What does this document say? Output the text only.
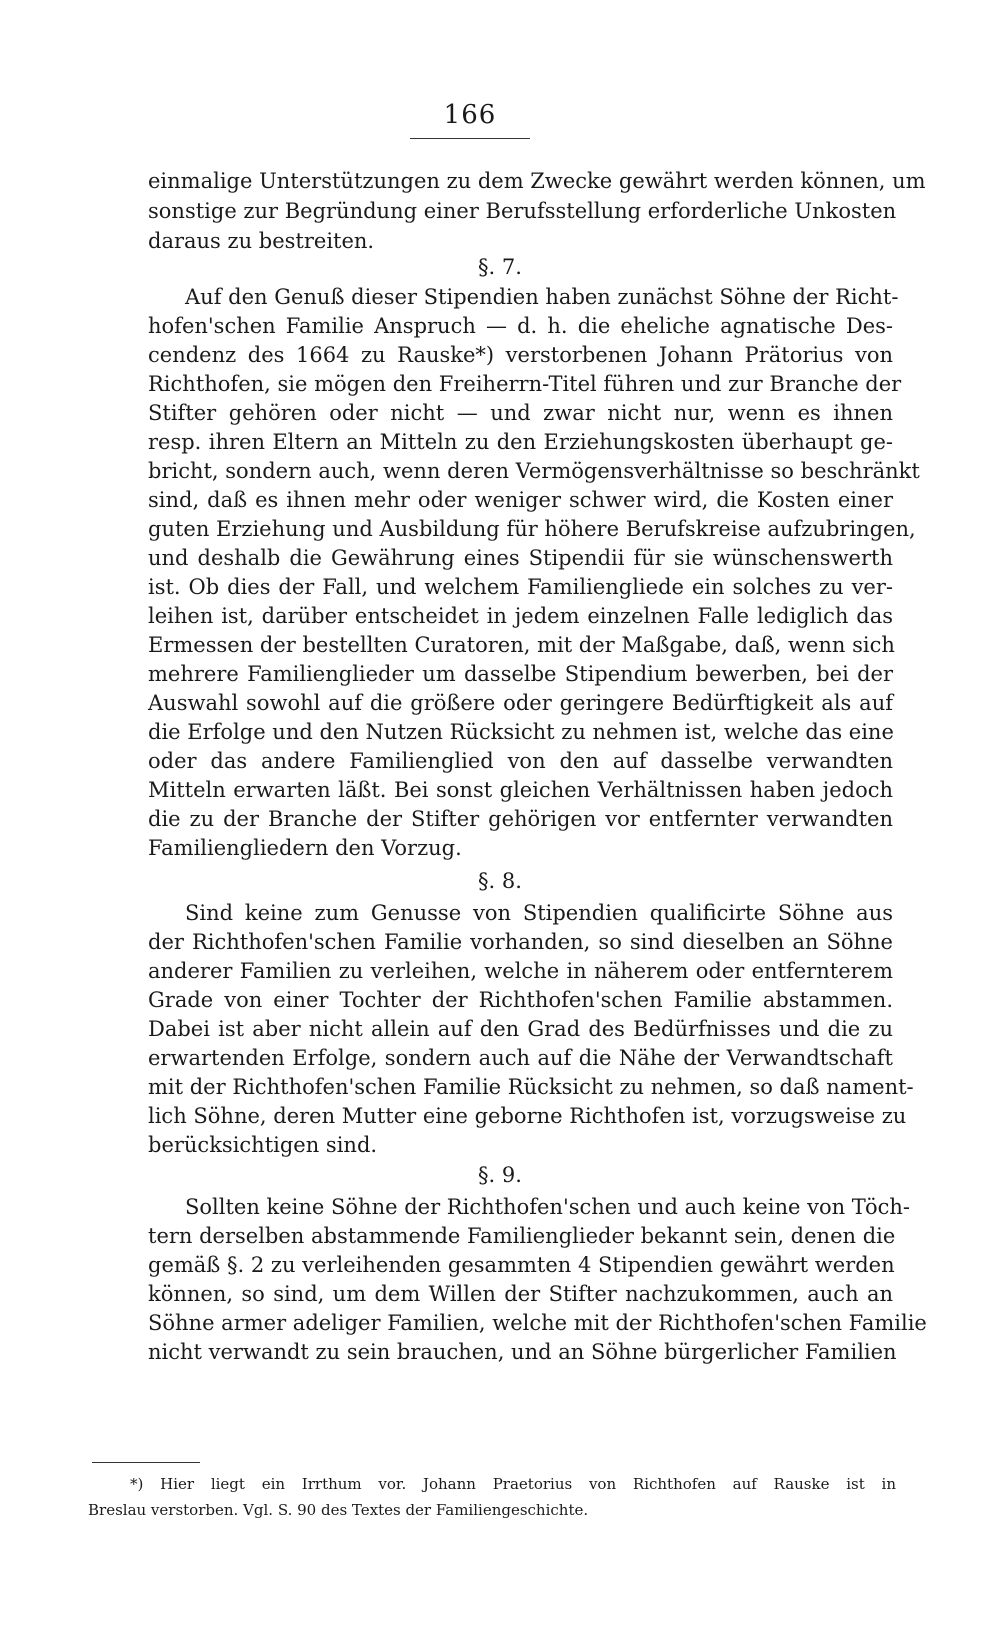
166
einmalige Unterstützungen zu dem Zwecke gewährt werden können, um
sonstige zur Begründung einer Berufsstellung erforderliche Unkosten
daraus zu bestreiten.
§. 7.
Auf den Genuß dieser Stipendien haben zunächst Söhne der Richt-
hofen'schen Familie Anspruch — d. h. die eheliche agnatische Des-
cendenz des 1664 zu Rauske*) verstorbenen Johann Prätorius von
Richthofen, sie mögen den Freiherrn-Titel führen und zur Branche der
Stifter gehören oder nicht — und zwar nicht nur, wenn es ihnen
resp. ihren Eltern an Mitteln zu den Erziehungskosten überhaupt ge-
bricht, sondern auch, wenn deren Vermögensverhältnisse so beschränkt
sind, daß es ihnen mehr oder weniger schwer wird, die Kosten einer
guten Erziehung und Ausbildung für höhere Berufskreise aufzubringen,
und deshalb die Gewährung eines Stipendii für sie wünschenswerth
ist. Ob dies der Fall, und welchem Familiengliede ein solches zu ver-
leihen ist, darüber entscheidet in jedem einzelnen Falle lediglich das
Ermessen der bestellten Curatoren, mit der Maßgabe, daß, wenn sich
mehrere Familienglieder um dasselbe Stipendium bewerben, bei der
Auswahl sowohl auf die größere oder geringere Bedürftigkeit als auf
die Erfolge und den Nutzen Rücksicht zu nehmen ist, welche das eine
oder das andere Familienglied von den auf dasselbe verwandten
Mitteln erwarten läßt. Bei sonst gleichen Verhältnissen haben jedoch
die zu der Branche der Stifter gehörigen vor entfernter verwandten
Familiengliedern den Vorzug.
§. 8.
Sind keine zum Genusse von Stipendien qualificirte Söhne aus
der Richthofen'schen Familie vorhanden, so sind dieselben an Söhne
anderer Familien zu verleihen, welche in näherem oder entfernterem
Grade von einer Tochter der Richthofen'schen Familie abstammen.
Dabei ist aber nicht allein auf den Grad des Bedürfnisses und die zu
erwartenden Erfolge, sondern auch auf die Nähe der Verwandtschaft
mit der Richthofen'schen Familie Rücksicht zu nehmen, so daß nament-
lich Söhne, deren Mutter eine geborne Richthofen ist, vorzugsweise zu
berücksichtigen sind.
§. 9.
Sollten keine Söhne der Richthofen'schen und auch keine von Töch-
tern derselben abstammende Familienglieder bekannt sein, denen die
gemäß §. 2 zu verleihenden gesammten 4 Stipendien gewährt werden
können, so sind, um dem Willen der Stifter nachzukommen, auch an
Söhne armer adeliger Familien, welche mit der Richthofen'schen Familie
nicht verwandt zu sein brauchen, und an Söhne bürgerlicher Familien
*) Hier liegt ein Irrthum vor. Johann Praetorius von Richthofen auf Rauske ist in
Breslau verstorben. Vgl. S. 90 des Textes der Familiengeschichte.
